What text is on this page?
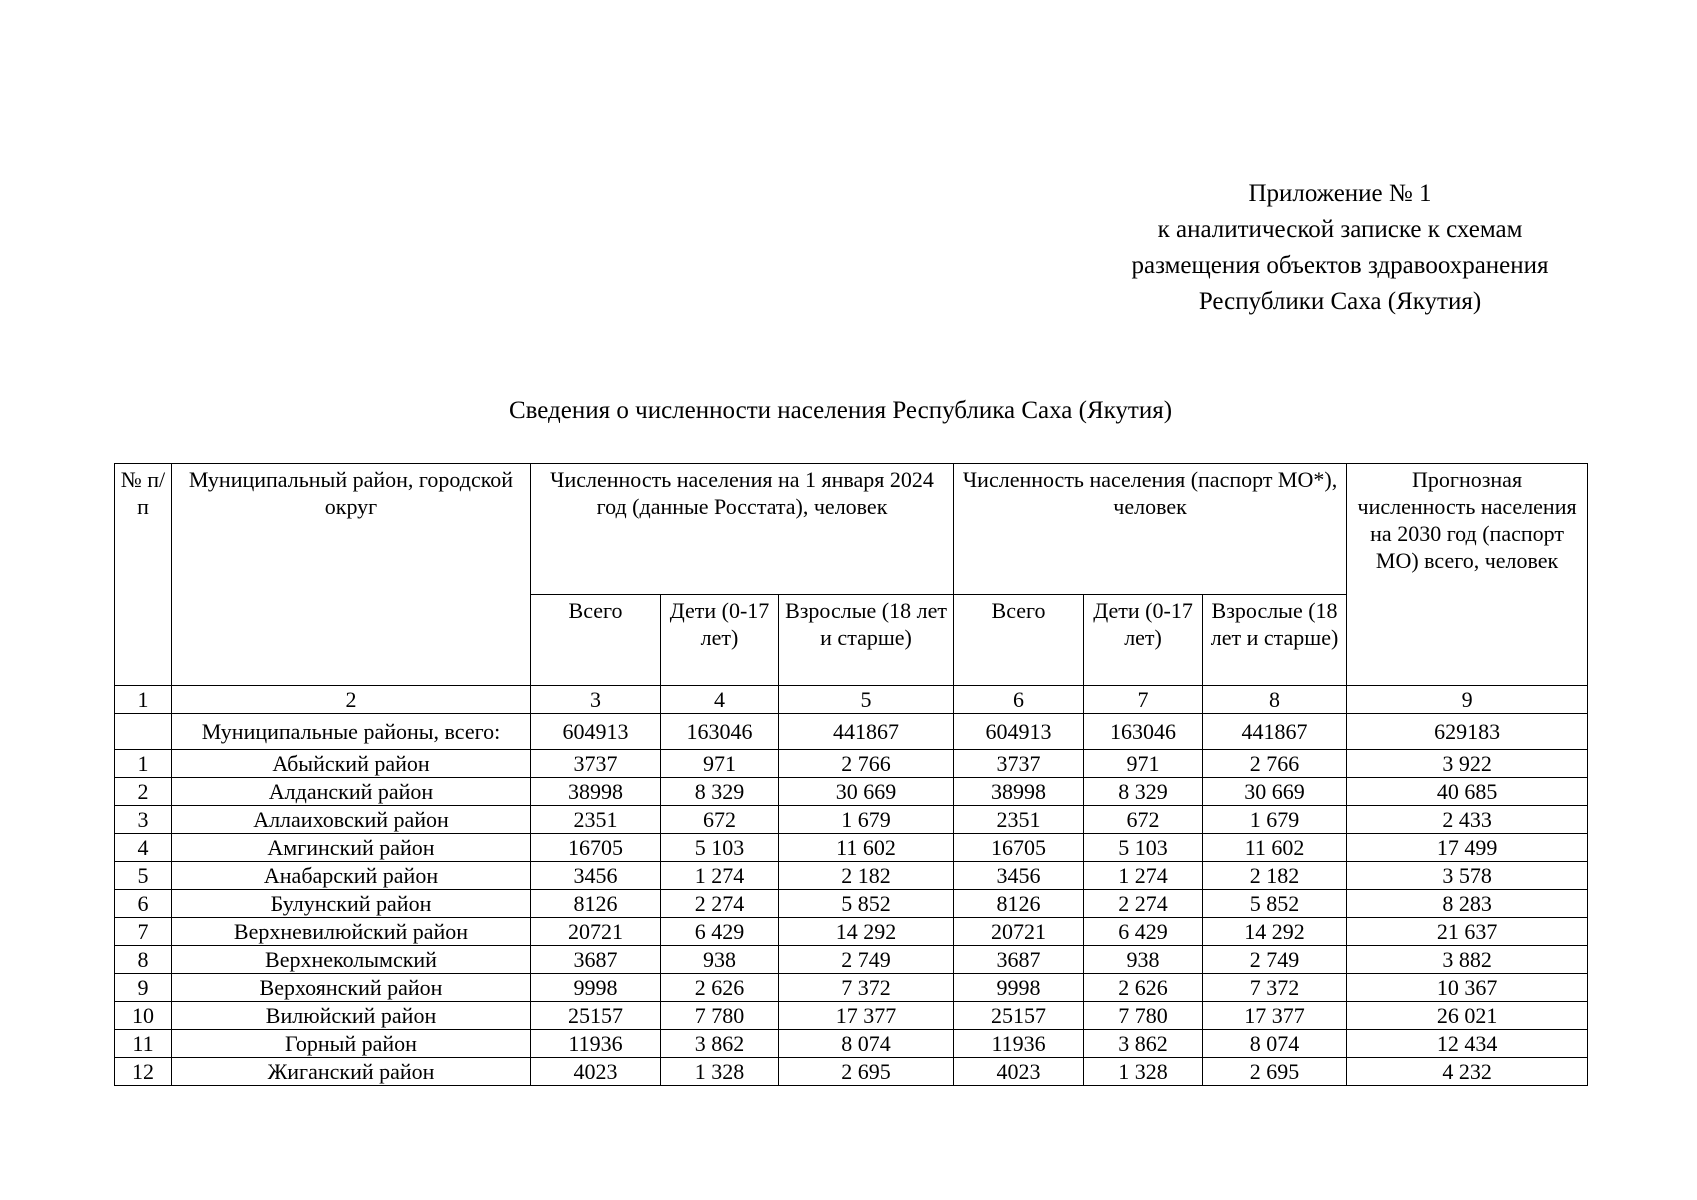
Приложение № 1
к аналитической записке к схемам
размещения объектов здравоохранения
Республики Саха (Якутия)
Сведения о численности населения Республика Саха (Якутия)
№ п/п	Муниципальный район, городской округ	Численность населения на 1 января 2024 год (данные Росстата), человек			Численность населения (паспорт МО*), человек			Прогнозная численность населения на 2030 год (паспорт МО) всего, человек
		Всего	Дети (0-17 лет)	Взрослые (18 лет и старше)	Всего	Дети (0-17 лет)	Взрослые (18 лет и старше)	
1	2	3	4	5	6	7	8	9
	Муниципальные районы, всего:	604913	163046	441867	604913	163046	441867	629183
1	Абыйский район	3737	971	2 766	3737	971	2 766	3 922
2	Алданский район	38998	8 329	30 669	38998	8 329	30 669	40 685
3	Аллаиховский район	2351	672	1 679	2351	672	1 679	2 433
4	Амгинский район	16705	5 103	11 602	16705	5 103	11 602	17 499
5	Анабарский район	3456	1 274	2 182	3456	1 274	2 182	3 578
6	Булунский район	8126	2 274	5 852	8126	2 274	5 852	8 283
7	Верхневилюйский район	20721	6 429	14 292	20721	6 429	14 292	21 637
8	Верхнеколымский	3687	938	2 749	3687	938	2 749	3 882
9	Верхоянский район	9998	2 626	7 372	9998	2 626	7 372	10 367
10	Вилюйский район	25157	7 780	17 377	25157	7 780	17 377	26 021
11	Горный район	11936	3 862	8 074	11936	3 862	8 074	12 434
12	Жиганский район	4023	1 328	2 695	4023	1 328	2 695	4 232
